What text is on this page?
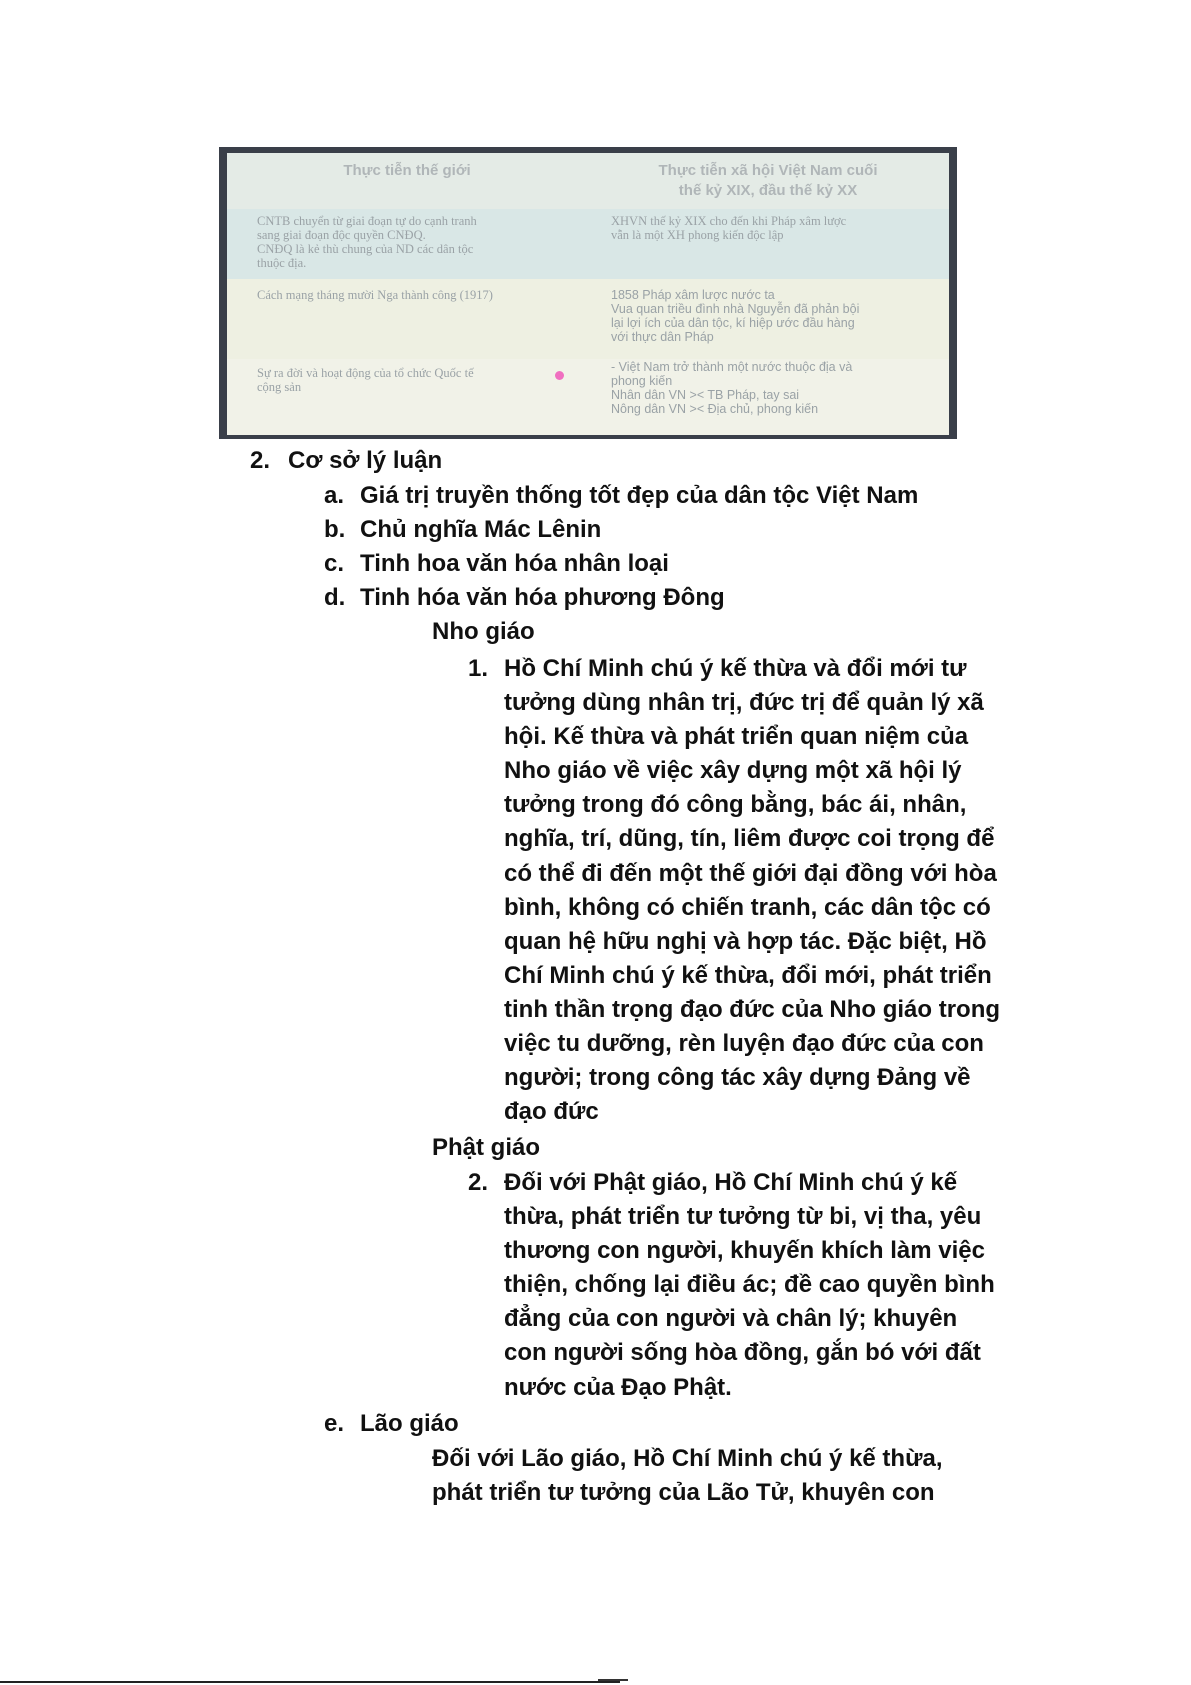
Thực tiễn thế giới	Thực tiễn xã hội Việt Nam cuối
thế kỷ XIX, đầu thế kỷ XX
CNTB chuyển từ giai đoạn tự do cạnh tranh
sang giai đoạn độc quyền CNĐQ.
CNĐQ là kẻ thù chung của ND các dân tộc
thuộc địa.
XHVN thế kỷ XIX cho đến khi Pháp xâm lược
vẫn là một XH phong kiến độc lập
Cách mạng tháng mười Nga thành công (1917)	1858 Pháp xâm lược nước ta
Vua quan triều đình nhà Nguyễn đã phản bội
lại lợi ích của dân tộc, kí hiệp ước đầu hàng
với thực dân Pháp
Sự ra đời và hoạt động của tổ chức Quốc tế
cộng sản
- Việt Nam trở thành một nước thuộc địa và
phong kiến
Nhân dân VN >< TB Pháp, tay sai
Nông dân VN >< Địa chủ, phong kiến
2. Cơ sở lý luận
a. Giá trị truyền thống tốt đẹp của dân tộc Việt Nam
b. Chủ nghĩa Mác Lênin
c. Tinh hoa văn hóa nhân loại
d. Tinh hóa văn hóa phương Đông
Nho giáo
1. Hồ Chí Minh chú ý kế thừa và đổi mới tư
tưởng dùng nhân trị, đức trị để quản lý xã
hội. Kế thừa và phát triển quan niệm của
Nho giáo về việc xây dựng một xã hội lý
tưởng trong đó công bằng, bác ái, nhân,
nghĩa, trí, dũng, tín, liêm được coi trọng để
có thể đi đến một thế giới đại đồng với hòa
bình, không có chiến tranh, các dân tộc có
quan hệ hữu nghị và hợp tác. Đặc biệt, Hồ
Chí Minh chú ý kế thừa, đổi mới, phát triển
tinh thần trọng đạo đức của Nho giáo trong
việc tu dưỡng, rèn luyện đạo đức của con
người; trong công tác xây dựng Đảng về
đạo đức
Phật giáo
2. Đối với Phật giáo, Hồ Chí Minh chú ý kế
thừa, phát triển tư tưởng từ bi, vị tha, yêu
thương con người, khuyến khích làm việc
thiện, chống lại điều ác; đề cao quyền bình
đẳng của con người và chân lý; khuyên
con người sống hòa đồng, gắn bó với đất
nước của Đạo Phật.
e. Lão giáo
Đối với Lão giáo, Hồ Chí Minh chú ý kế thừa,
phát triển tư tưởng của Lão Tử, khuyên con
